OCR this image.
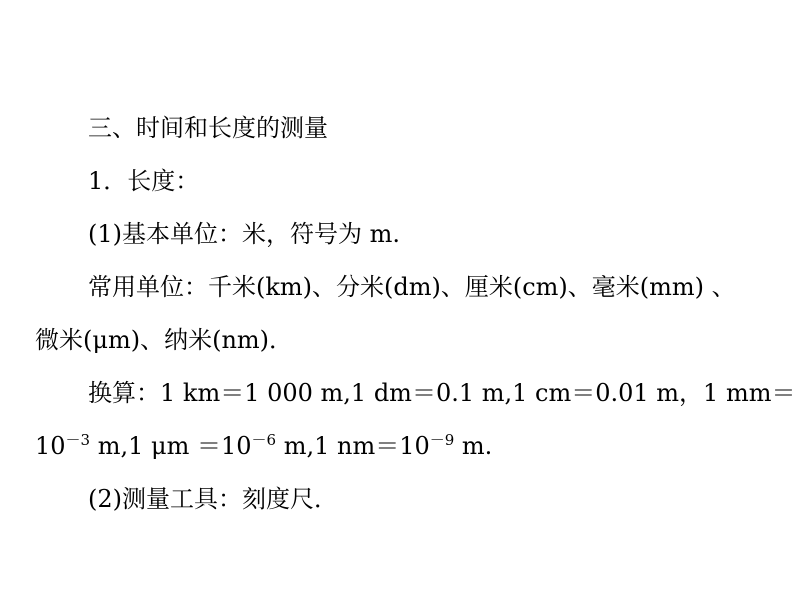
三、时间和长度的测量
1．长度：
(1)基本单位：米，符号为 m.
常用单位：千米(km)、分米(dm)、厘米(cm)、毫米(mm) 、
微米(μm)、纳米(nm)．
换算：1 km＝1 000 m,1 dm＝0.1 m,1 cm＝0.01 m，1 mm＝
$10^{-3}$ m,1 $\mu m =10^{-6}$ m,1 $nm=10^{-9}$ m.
(2)测量工具：刻度尺．
